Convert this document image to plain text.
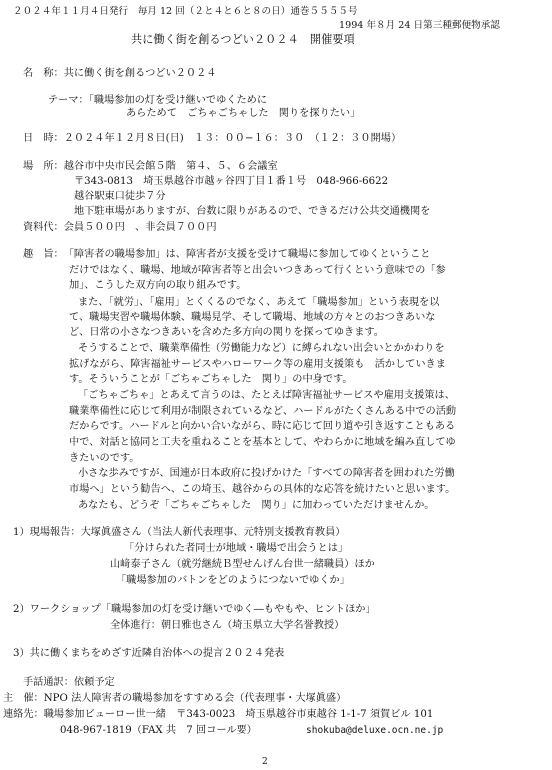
２０２４年１１月４日発行　毎月 12 回（２と４と６と８の日）通巻５５５５号
1994 年８月 24 日第三種郵便物承認
共に働く街を創るつどい２０２４　開催要項
名　称：共に働く街を創るつどい２０２４
テーマ：「職場参加の灯を受け継いでゆくために
あらためて　ごちゃごちゃした　関りを探りたい」
日　時：２０２４年１２月８日(日)　１３：００−１６：３０　（１２：３０開場）
場　所：越谷市中央市民会館５階　第４、５、６会議室
〒343-0813　埼玉県越谷市越ヶ谷四丁目１番１号　048-966-6622
越谷駅東口徒歩７分
地下駐車場がありますが、台数に限りがあるので、できるだけ公共交通機関を
資料代：会員５００円　、非会員７００円
趣　旨：　「障害者の職場参加」は、障害者が支援を受けて職場に参加してゆくということ
だけではなく、職場、地域が障害者等と出会いつきあって行くという意味での「参
加」、こうした双方向の取り組みです。
また、「就労」、「雇用」とくくるのでなく、あえて「職場参加」という表現を以
て、職場実習や職場体験、職場見学、そして職場、地域の方々とのおつきあいな
ど、日常の小さなつきあいを含めた多方向の関りを探ってゆきます。
そうすることで、職業準備性（労働能力など）に縛られない出会いとかかわりを
拡げながら、障害福祉サービスやハローワーク等の雇用支援策も　活かしていきま
す。そういうことが「ごちゃごちゃした　関り」の中身です。
「ごちゃごちゃ」とあえて言うのは、たとえば障害福祉サービスや雇用支援策は、
職業準備性に応じて利用が制限されているなど、ハードルがたくさんある中での活動
だからです。ハードルと向かい合いながら、時に応じて回り道や引き返すこともある
中で、対話と協同と工夫を重ねることを基本として、やわらかに地域を編み直してゆ
きたいのです。
小さな歩みですが、国連が日本政府に投げかけた「すべての障害者を囲われた労働
市場へ」という勧告へ、この埼玉、越谷からの具体的な応答を続けたいと思います。
あなたも、どうぞ「ごちゃごちゃした　関り」に加わっていただけませんか。
1）現場報告：大塚眞盛さん（当法人新代表理事、元特別支援教育教員）
「分けられた者同士が地域・職場で出会うとは」
山﨑泰子さん（就労継続Ｂ型せんげん台世一緒職員）ほか
「職場参加のバトンをどのようにつないでゆくか」
2）ワークショップ「職場参加の灯を受け継いでゆく―もやもや、ヒントほか」
全体進行：朝日雅也さん（埼玉県立大学名誉教授）
3）共に働くまちをめざす近隣自治体への提言２０２４発表
手話通訳：依頼予定
主　催：NPO 法人障害者の職場参加をすすめる会（代表理事・大塚眞盛）
連絡先：職場参加ビューロー世一緒　〒343-0023　埼玉県越谷市東越谷 1-1-7 須賀ビル 101
048-967-1819（FAX 共　7 回コール要）	shokuba@deluxe.ocn.ne.jp
2
